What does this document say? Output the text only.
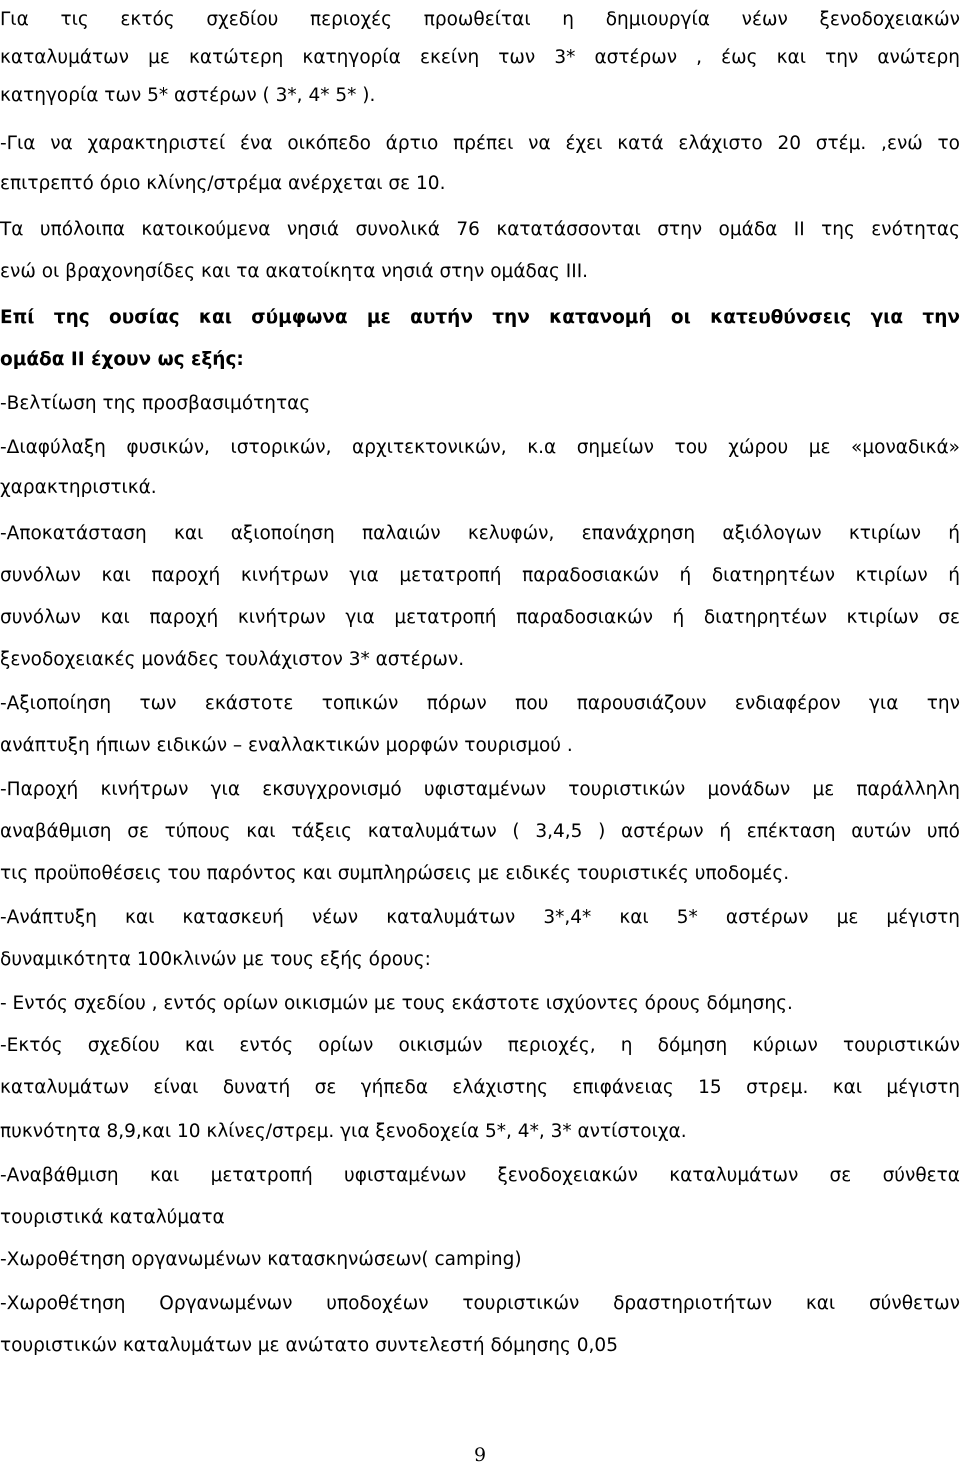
Για τις εκτός σχεδίου περιοχές προωθείται η δημιουργία νέων ξενοδοχειακών

καταλυμάτων με κατώτερη κατηγορία εκείνη των 3* αστέρων , έως και την ανώτερη

κατηγορία των 5* αστέρων ( 3*, 4* 5* ).

-Για να χαρακτηριστεί ένα οικόπεδο άρτιο πρέπει να έχει κατά ελάχιστο 20 στέμ. ,ενώ το

επιτρεπτό όριο κλίνης/στρέμα ανέρχεται σε 10.

Τα υπόλοιπα κατοικούμενα νησιά συνολικά 76 κατατάσσονται στην ομάδα ΙΙ της ενότητας

ενώ οι βραχονησίδες και τα ακατοίκητα νησιά στην ομάδας ΙΙΙ.

Επί της ουσίας και σύμφωνα με αυτήν την κατανομή οι κατευθύνσεις για την

ομάδα ΙΙ έχουν ως εξής:

-Βελτίωση της προσβασιμότητας

-Διαφύλαξη φυσικών, ιστορικών, αρχιτεκτονικών, κ.α σημείων του χώρου με «μοναδικά»

χαρακτηριστικά.

-Αποκατάσταση και αξιοποίηση παλαιών κελυφών, επανάχρηση αξιόλογων κτιρίων ή

συνόλων και παροχή κινήτρων για μετατροπή παραδοσιακών ή διατηρητέων κτιρίων ή

συνόλων και παροχή κινήτρων για μετατροπή παραδοσιακών ή διατηρητέων κτιρίων σε

ξενοδοχειακές μονάδες τουλάχιστον 3* αστέρων.

-Αξιοποίηση των εκάστοτε τοπικών πόρων που παρουσιάζουν ενδιαφέρον για την

ανάπτυξη ήπιων ειδικών – εναλλακτικών μορφών τουρισμού .

-Παροχή κινήτρων για εκσυγχρονισμό υφισταμένων τουριστικών μονάδων με παράλληλη

αναβάθμιση σε τύπους και τάξεις καταλυμάτων ( 3,4,5 ) αστέρων ή επέκταση αυτών υπό

τις προϋποθέσεις του παρόντος και συμπληρώσεις με ειδικές τουριστικές υποδομές.

-Ανάπτυξη και κατασκευή νέων καταλυμάτων 3*,4* και 5* αστέρων με μέγιστη

δυναμικότητα 100κλινών με τους εξής όρους:

- Εντός σχεδίου , εντός ορίων οικισμών με τους εκάστοτε ισχύοντες όρους δόμησης.

-Εκτός σχεδίου και εντός ορίων οικισμών περιοχές, η δόμηση κύριων τουριστικών

καταλυμάτων είναι δυνατή σε γήπεδα ελάχιστης επιφάνειας 15 στρεμ. και μέγιστη

πυκνότητα 8,9,και 10 κλίνες/στρεμ. για ξενοδοχεία 5*, 4*, 3* αντίστοιχα.

-Αναβάθμιση και μετατροπή υφισταμένων ξενοδοχειακών καταλυμάτων σε σύνθετα

τουριστικά καταλύματα

-Χωροθέτηση οργανωμένων κατασκηνώσεων( camping)

-Χωροθέτηση Οργανωμένων υποδοχέων τουριστικών δραστηριοτήτων και σύνθετων

τουριστικών καταλυμάτων με ανώτατο συντελεστή δόμησης 0,05

9
